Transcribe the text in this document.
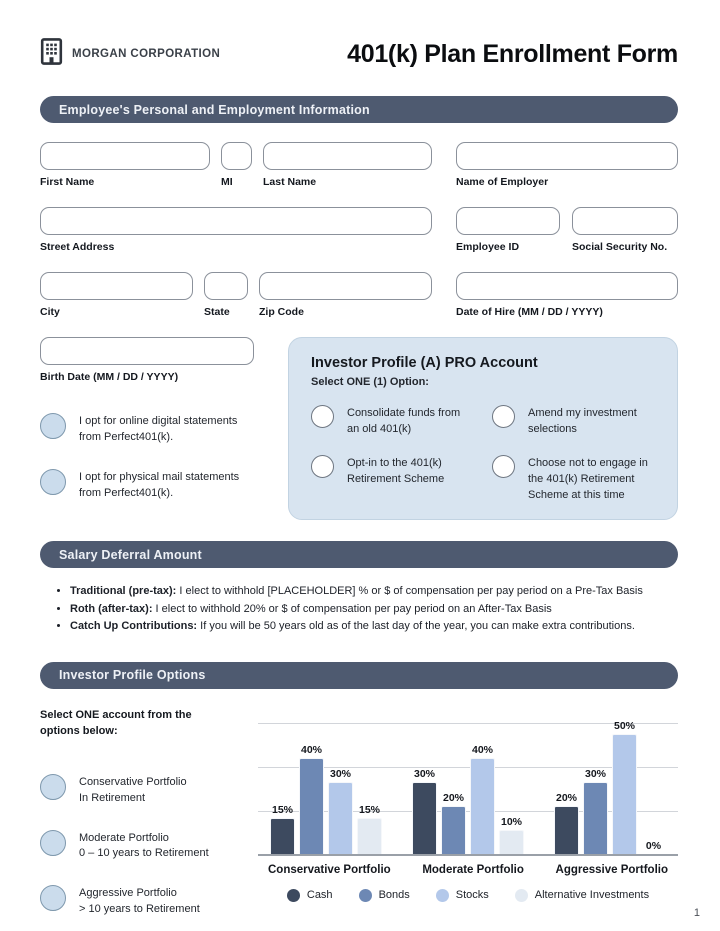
MORGAN CORPORATION	401(k) Plan Enrollment Form
Employee's Personal and Employment Information
First Name	MI	Last Name	Name of Employer
Street Address	Employee ID	Social Security No.
City	State	Zip Code	Date of Hire (MM / DD / YYYY)
Birth Date (MM / DD / YYYY)
I opt for online digital statements from Perfect401(k).
I opt for physical mail statements from Perfect401(k).
Investor Profile (A) PRO Account
Select ONE (1) Option:
Consolidate funds from an old 401(k)
Amend my investment selections
Opt-in to the 401(k) Retirement Scheme
Choose not to engage in the 401(k) Retirement Scheme at this time
Salary Deferral Amount
• Traditional (pre-tax): I elect to withhold [PLACEHOLDER] % or $ of compensation per pay period on a Pre-Tax Basis
• Roth (after-tax): I elect to withhold 20% or $ of compensation per pay period on an After-Tax Basis
• Catch Up Contributions: If you will be 50 years old as of the last day of the year, you can make extra contributions.
Investor Profile Options
Select ONE account from the options below:
Conservative Portfolio
In Retirement
Moderate Portfolio
0 – 10 years to Retirement
Aggressive Portfolio
> 10 years to Retirement
15%
40%
30%
15%
30%
20%
40%
10%
20%
30%
50%
0%
Conservative Portfolio	Moderate Portfolio	Aggressive Portfolio
Cash	Bonds	Stocks	Alternative Investments
1
